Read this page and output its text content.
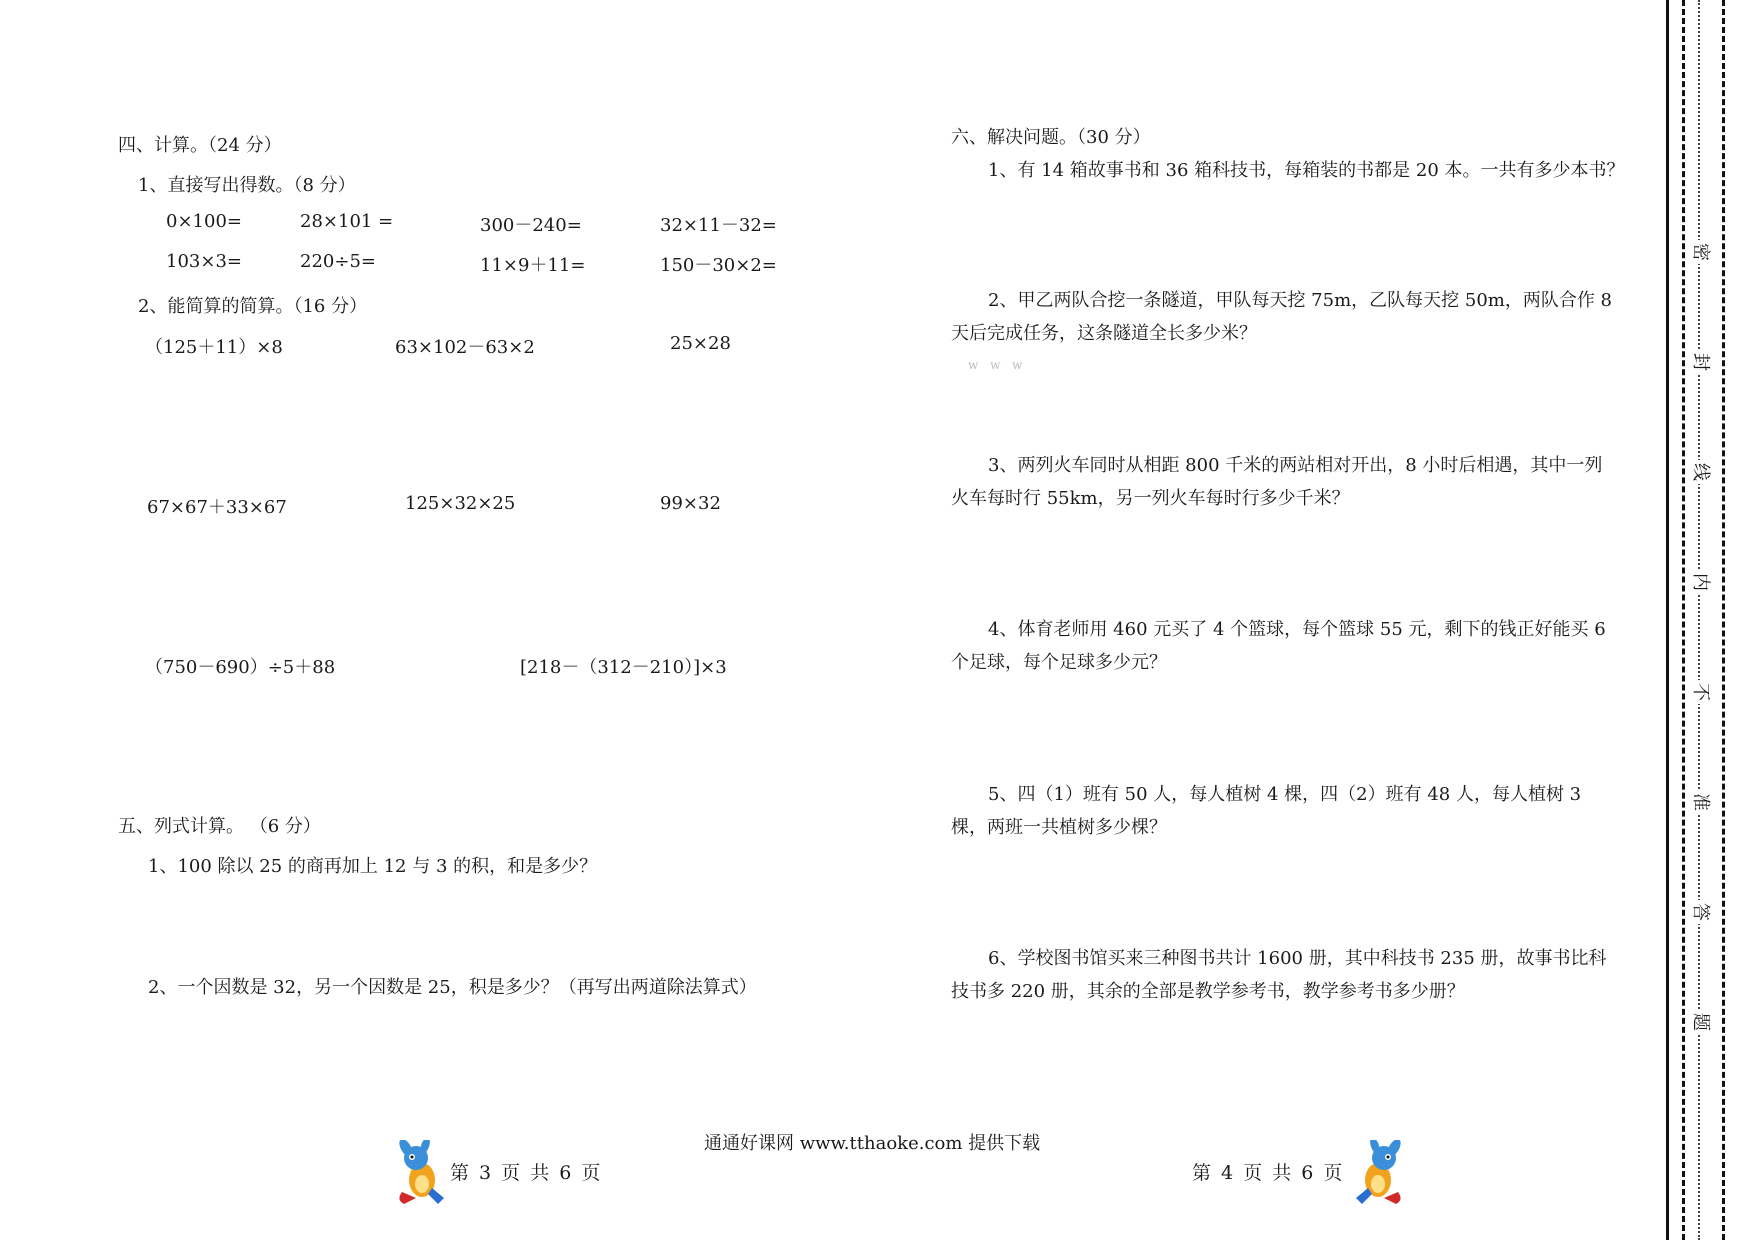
四、计算。（24 分）
1、直接写出得数。（8 分）
0×100=	28×101 =	300－240=	32×11－32=
103×3=	220÷5=	11×9＋11=	150－30×2=
2、能简算的简算。（16 分）
（125＋11）×8	63×102－63×2	25×28
67×67＋33×67	125×32×25	99×32
（750－690）÷5＋88	[218－（312－210）]×3
五、列式计算。 （6 分）
1、100 除以 25 的商再加上 12 与 3 的积，和是多少？
2、一个因数是 32，另一个因数是 25，积是多少？（再写出两道除法算式）
六、解决问题。（30 分）
1、有 14 箱故事书和 36 箱科技书，每箱装的书都是 20 本。一共有多少本书？
2、甲乙两队合挖一条隧道，甲队每天挖 75m，乙队每天挖 50m，两队合作 8 天后完成任务，这条隧道全长多少米？
w w w
3、两列火车同时从相距 800 千米的两站相对开出，8 小时后相遇，其中一列火车每时行 55km，另一列火车每时行多少千米？
4、体育老师用 460 元买了 4 个篮球，每个篮球 55 元，剩下的钱正好能买 6 个足球，每个足球多少元？
5、四（1）班有 50 人，每人植树 4 棵，四（2）班有 48 人，每人植树 3 棵，两班一共植树多少棵？
6、学校图书馆买来三种图书共计 1600 册，其中科技书 235 册，故事书比科技书多 220 册，其余的全部是教学参考书，教学参考书多少册？
通通好课网 www.tthaoke.com 提供下载
第 3 页 共 6 页	第 4 页 共 6 页
密
封
线
内
不
准
答
题
